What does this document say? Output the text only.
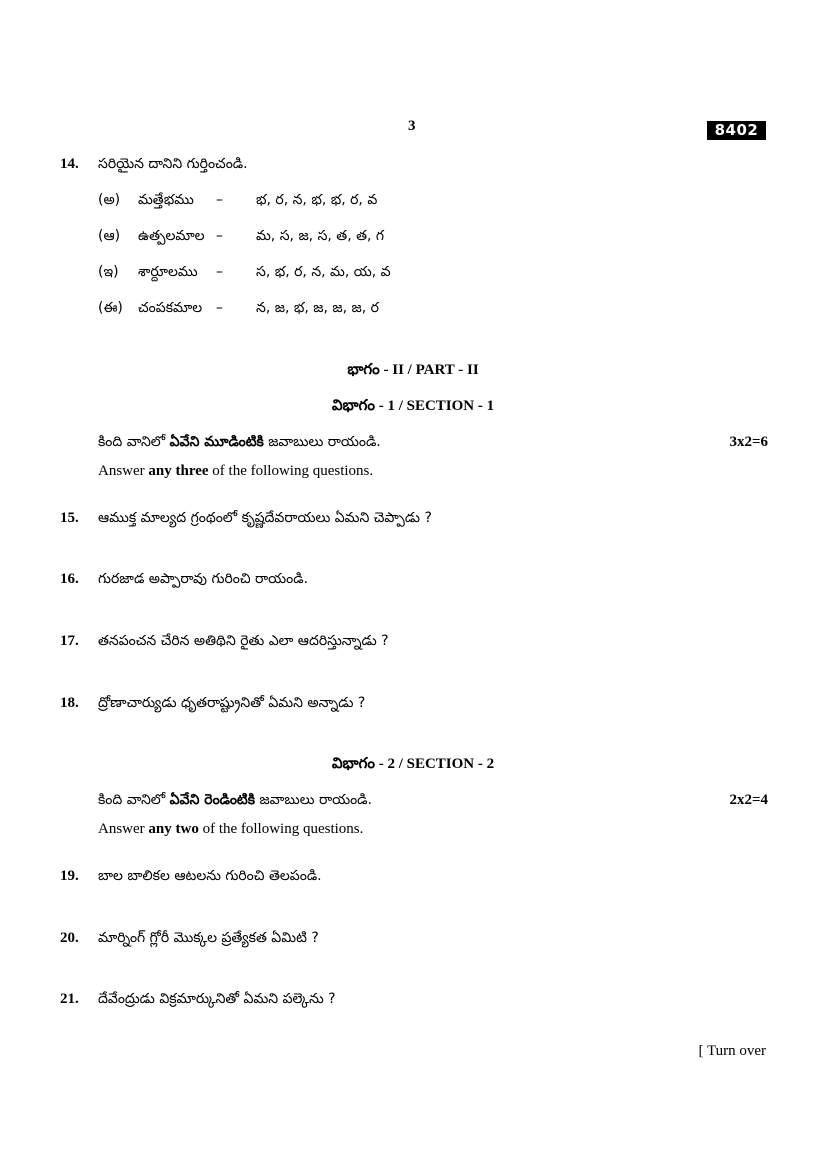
3	8402
14. సరియైన దానిని గుర్తించండి.
(అ) మత్తేభము – భ, ర, న, భ, భ, ర, వ
(ఆ) ఉత్పలమాల – మ, స, జ, స, త, త, గ
(ఇ) శార్దూలము – స, భ, ర, న, మ, య, వ
(ఈ) చంపకమాల – న, జ, భ, జ, జ, జ, ర
భాగం - II / PART - II
విభాగం - 1 / SECTION - 1
కింది వానిలో ఏవేని మూడింటికి జవాబులు రాయండి.	3x2=6
Answer any three of the following questions.
15. ఆముక్త మాల్యద గ్రంథంలో కృష్ణదేవరాయలు ఏమని చెప్పాడు ?
16. గురజాడ అప్పారావు గురించి రాయండి.
17. తనపంచన చేరిన అతిథిని రైతు ఎలా ఆదరిస్తున్నాడు ?
18. ద్రోణాచార్యుడు ధృతరాష్ట్రునితో ఏమని అన్నాడు ?
విభాగం - 2 / SECTION - 2
కింది వానిలో ఏవేని రెండింటికి జవాబులు రాయండి.	2x2=4
Answer any two of the following questions.
19. బాల బాలికల ఆటలను గురించి తెలపండి.
20. మార్నింగ్ గ్లోరీ మొక్కల ప్రత్యేకత ఏమిటి ?
21. దేవేంద్రుడు విక్రమార్కునితో ఏమని పల్కెను ?
[ Turn over
